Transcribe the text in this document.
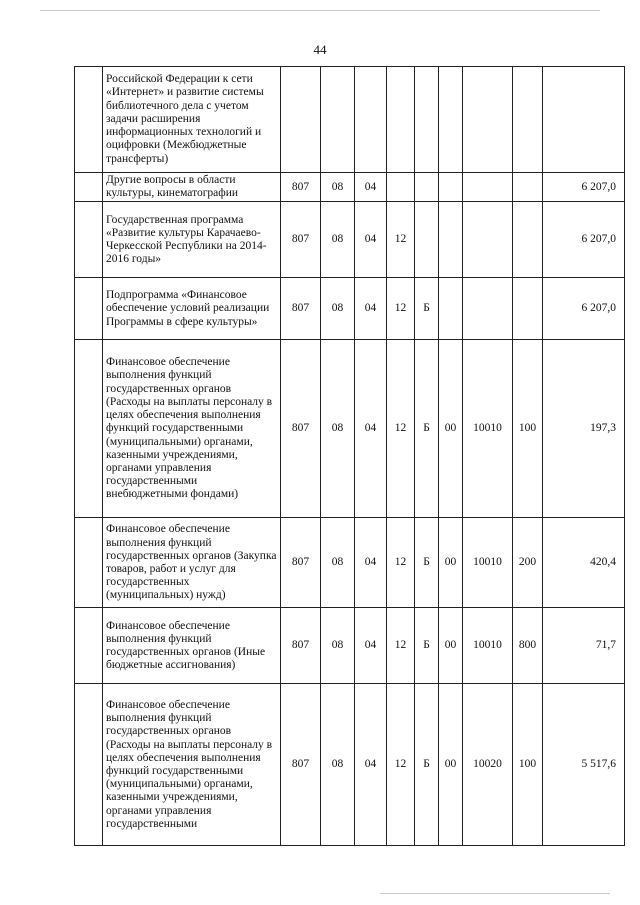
44
	Российской Федерации к сети «Интернет» и развитие системы библиотечного дела с учетом задачи расширения информационных технологий и оцифровки (Межбюджетные трансферты)									
	Другие вопросы в области культуры, кинематографии	807	08	04						6 207,0
	Государственная программа «Развитие культуры Карачаево-Черкесской Республики на 2014-2016 годы»	807	08	04	12					6 207,0
	Подпрограмма «Финансовое обеспечение условий реализации Программы в сфере культуры»	807	08	04	12	Б				6 207,0
	Финансовое обеспечение выполнения функций государственных органов (Расходы на выплаты персоналу в целях обеспечения выполнения функций государственными (муниципальными) органами, казенными учреждениями, органами управления государственными внебюджетными фондами)	807	08	04	12	Б	00	10010	100	197,3
	Финансовое обеспечение выполнения функций государственных органов (Закупка товаров, работ и услуг для государственных (муниципальных) нужд)	807	08	04	12	Б	00	10010	200	420,4
	Финансовое обеспечение выполнения функций государственных органов (Иные бюджетные ассигнования)	807	08	04	12	Б	00	10010	800	71,7
	Финансовое обеспечение выполнения функций государственных органов (Расходы на выплаты персоналу в целях обеспечения выполнения функций государственными (муниципальными) органами, казенными учреждениями, органами управления государственными	807	08	04	12	Б	00	10020	100	5 517,6
